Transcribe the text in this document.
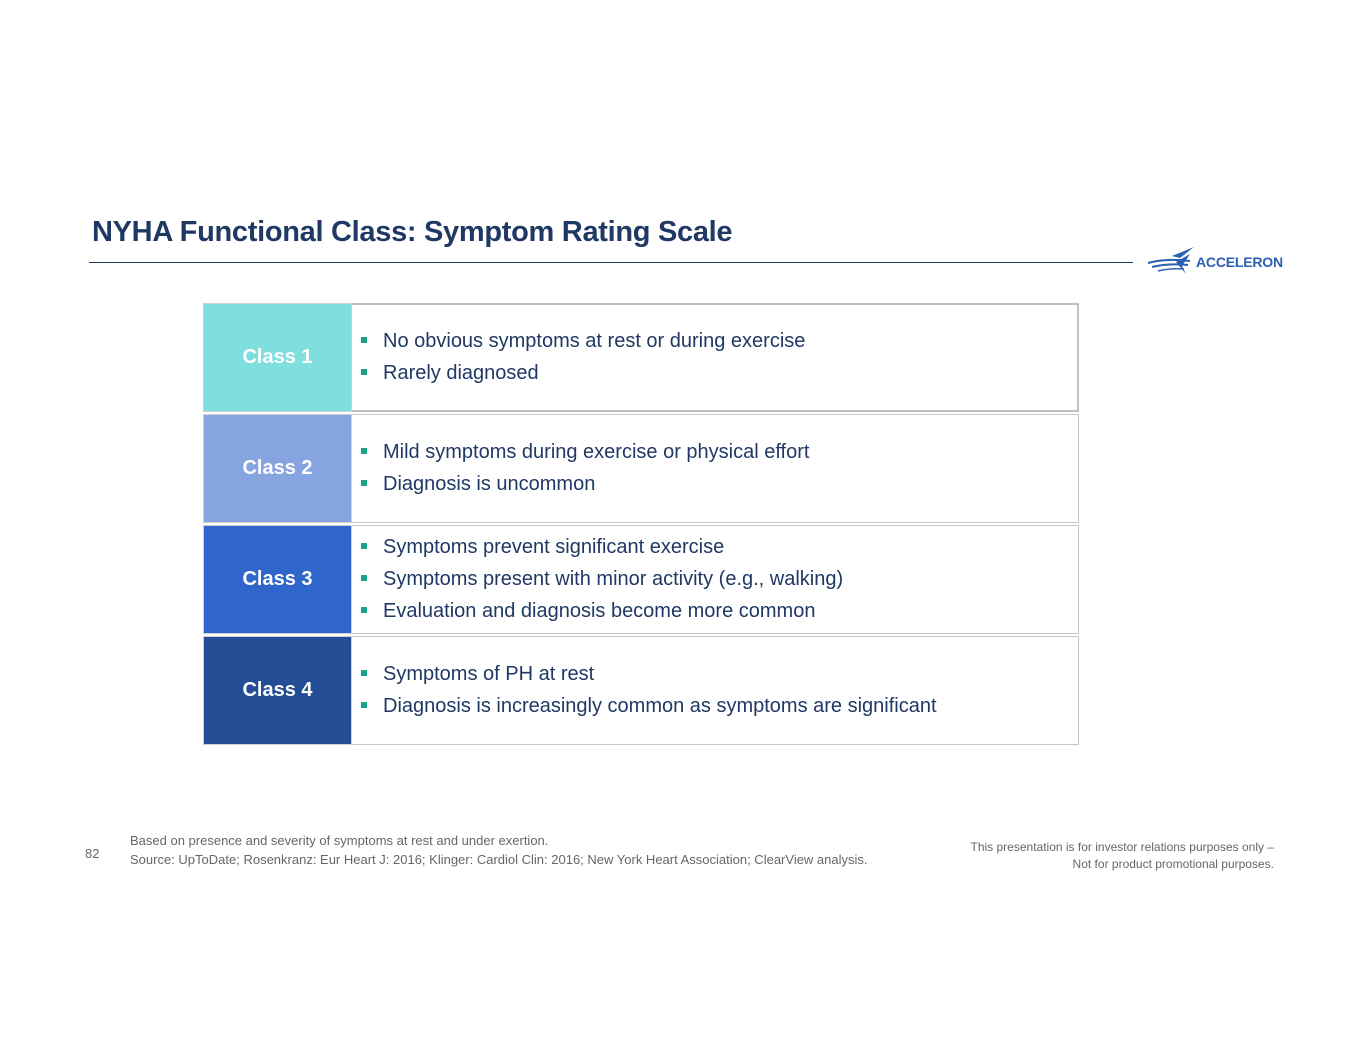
NYHA Functional Class: Symptom Rating Scale
ACCELERON
Class 1
No obvious symptoms at rest or during exercise
Rarely diagnosed
Class 2
Mild symptoms during exercise or physical effort
Diagnosis is uncommon
Class 3
Symptoms prevent significant exercise
Symptoms present with minor activity (e.g., walking)
Evaluation and diagnosis become more common
Class 4
Symptoms of PH at rest
Diagnosis is increasingly common as symptoms are significant
82
Based on presence and severity of symptoms at rest and under exertion.
Source: UpToDate; Rosenkranz: Eur Heart J: 2016; Klinger: Cardiol Clin: 2016; New York Heart Association; ClearView analysis.
This presentation is for investor relations purposes only –
Not for product promotional purposes.
